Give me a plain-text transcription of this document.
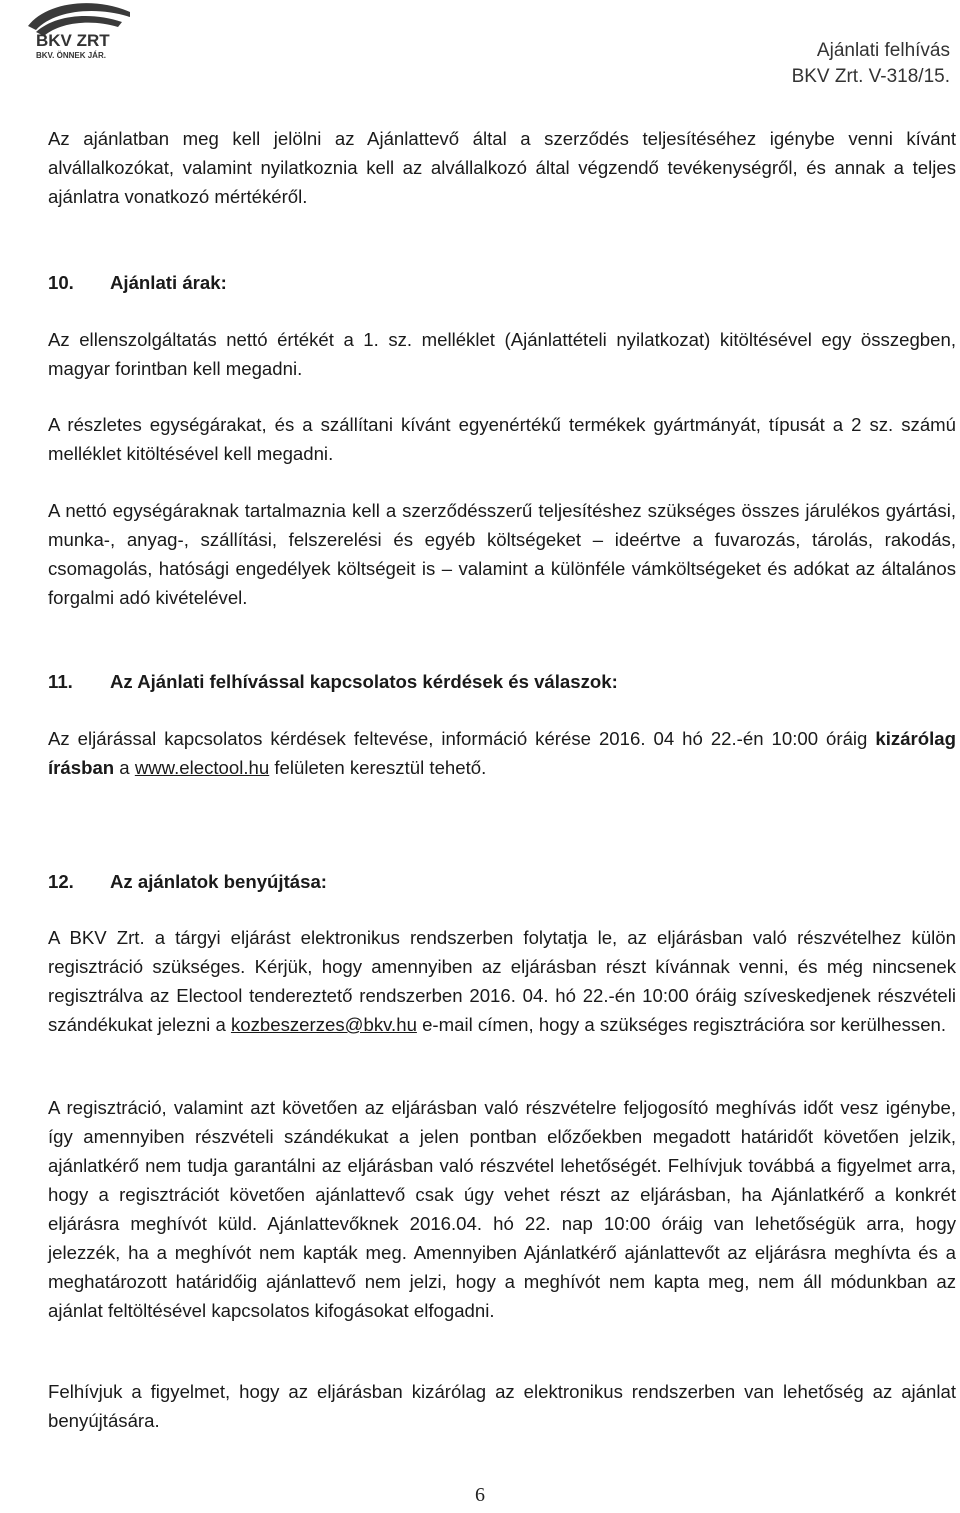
BKV ZRT
BKV. ÖNNEK JÁR.	Ajánlati felhívás
BKV Zrt. V-318/15.

Az ajánlatban meg kell jelölni az Ajánlattevő által a szerződés teljesítéséhez igénybe venni kívánt alvállalkozókat, valamint nyilatkoznia kell az alvállalkozó által végzendő tevékenységről, és annak a teljes ajánlatra vonatkozó mértékéről.

10.	Ajánlati árak:

Az ellenszolgáltatás nettó értékét a 1. sz. melléklet (Ajánlattételi nyilatkozat) kitöltésével egy összegben, magyar forintban kell megadni.

A részletes egységárakat, és a szállítani kívánt egyenértékű termékek gyártmányát, típusát a 2 sz. számú melléklet kitöltésével kell megadni.

A nettó egységáraknak tartalmaznia kell a szerződésszerű teljesítéshez szükséges összes járulékos gyártási, munka-, anyag-, szállítási, felszerelési és egyéb költségeket – ideértve a fuvarozás, tárolás, rakodás, csomagolás, hatósági engedélyek költségeit is – valamint a különféle vámköltségeket és adókat az általános forgalmi adó kivételével.

11.	Az Ajánlati felhívással kapcsolatos kérdések és válaszok:

Az eljárással kapcsolatos kérdések feltevése, információ kérése 2016. 04 hó 22.-én 10:00 óráig kizárólag írásban a www.electool.hu felületen keresztül tehető.

12.	Az ajánlatok benyújtása:

A BKV Zrt. a tárgyi eljárást elektronikus rendszerben folytatja le, az eljárásban való részvételhez külön regisztráció szükséges. Kérjük, hogy amennyiben az eljárásban részt kívánnak venni, és még nincsenek regisztrálva az Electool tendereztető rendszerben 2016. 04. hó 22.-én 10:00 óráig szíveskedjenek részvételi szándékukat jelezni a kozbeszerzes@bkv.hu e-mail címen, hogy a szükséges regisztrációra sor kerülhessen.

A regisztráció, valamint azt követően az eljárásban való részvételre feljogosító meghívás időt vesz igénybe, így amennyiben részvételi szándékukat a jelen pontban előzőekben megadott határidőt követően jelzik, ajánlatkérő nem tudja garantálni az eljárásban való részvétel lehetőségét. Felhívjuk továbbá a figyelmet arra, hogy a regisztrációt követően ajánlattevő csak úgy vehet részt az eljárásban, ha Ajánlatkérő a konkrét eljárásra meghívót küld. Ajánlattevőknek 2016.04. hó 22. nap 10:00 óráig van lehetőségük arra, hogy jelezzék, ha a meghívót nem kapták meg. Amennyiben Ajánlatkérő ajánlattevőt az eljárásra meghívta és a meghatározott határidőig ajánlattevő nem jelzi, hogy a meghívót nem kapta meg, nem áll módunkban az ajánlat feltöltésével kapcsolatos kifogásokat elfogadni.

Felhívjuk a figyelmet, hogy az eljárásban kizárólag az elektronikus rendszerben van lehetőség az ajánlat benyújtására.

6
